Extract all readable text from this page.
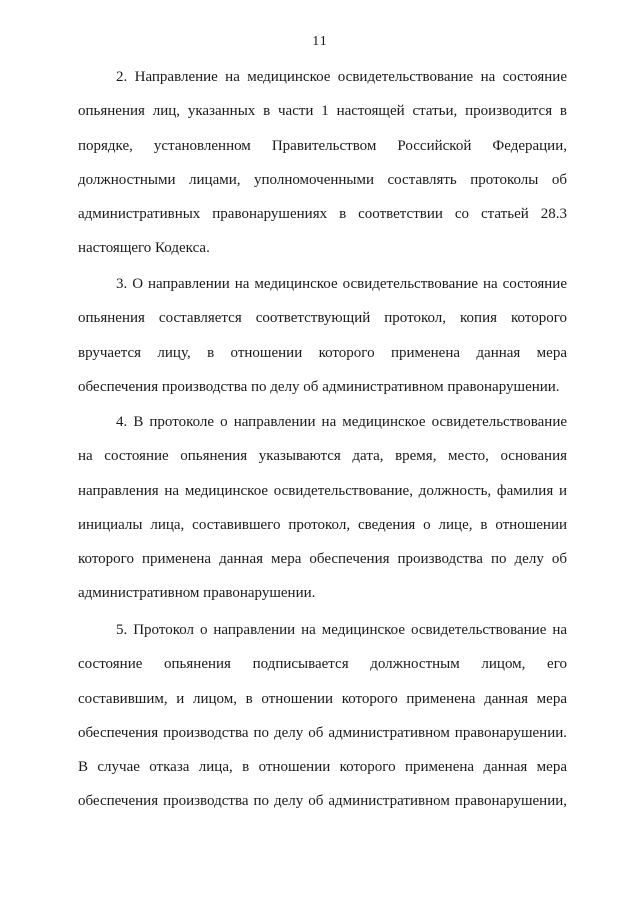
11

2. Направление на медицинское освидетельствование на состояние
опьянения лиц, указанных в части 1 настоящей статьи, производится в
порядке, установленном Правительством Российской Федерации,
должностными лицами, уполномоченными составлять протоколы об
административных правонарушениях в соответствии со статьей 28.3
настоящего Кодекса.

3. О направлении на медицинское освидетельствование на состояние
опьянения составляется соответствующий протокол, копия которого
вручается лицу, в отношении которого применена данная мера
обеспечения производства по делу об административном правонарушении.

4. В протоколе о направлении на медицинское освидетельствование
на состояние опьянения указываются дата, время, место, основания
направления на медицинское освидетельствование, должность, фамилия и
инициалы лица, составившего протокол, сведения о лице, в отношении
которого применена данная мера обеспечения производства по делу об
административном правонарушении.

5. Протокол о направлении на медицинское освидетельствование на
состояние опьянения подписывается должностным лицом, его
составившим, и лицом, в отношении которого применена данная мера
обеспечения производства по делу об административном правонарушении.
В случае отказа лица, в отношении которого применена данная мера
обеспечения производства по делу об административном правонарушении,
